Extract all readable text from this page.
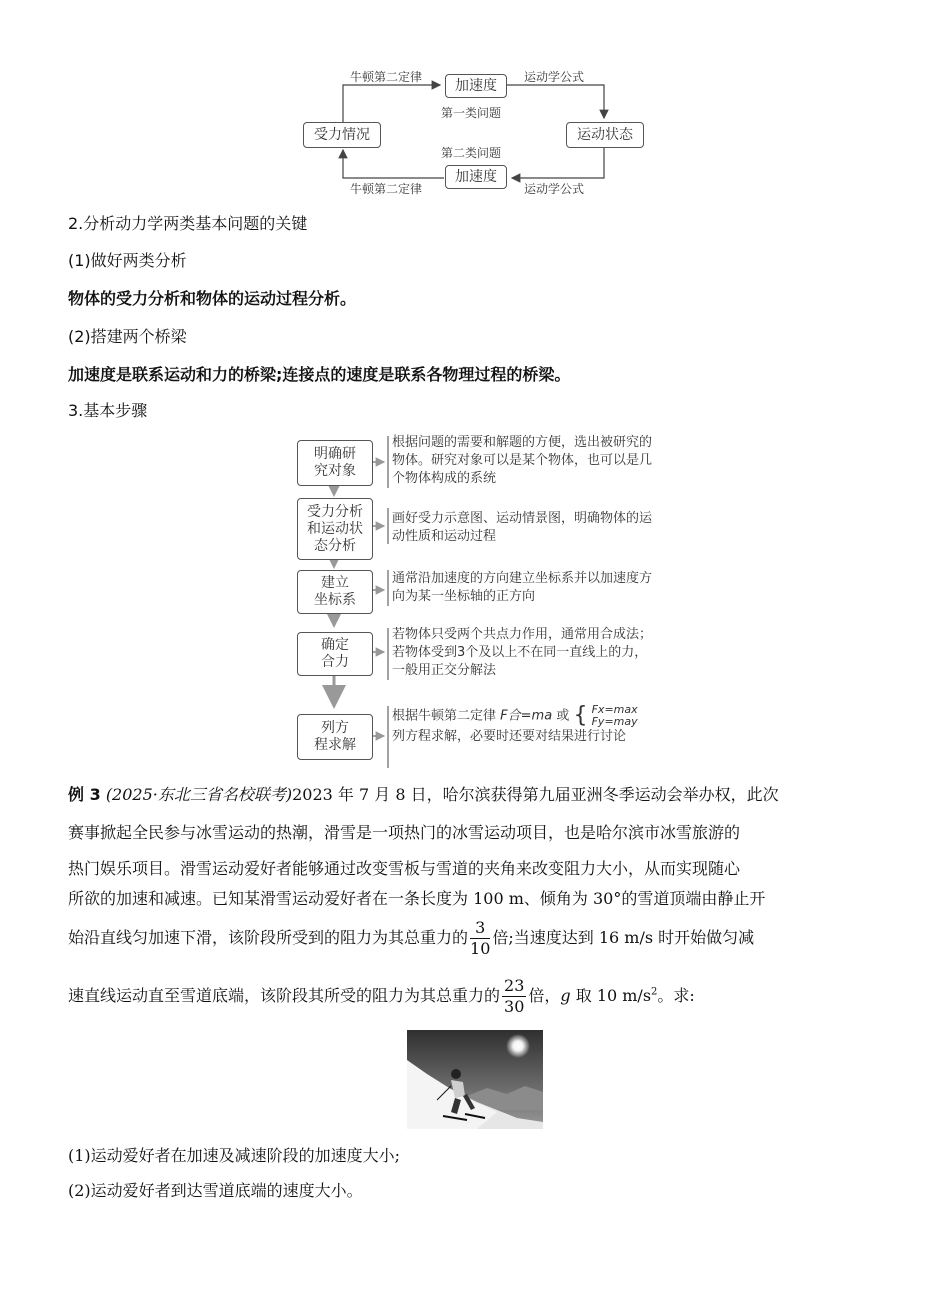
加速度
受力情况	运动状态
加速度
牛顿第二定律	运动学公式
第一类问题
第二类问题
牛顿第二定律	运动学公式
2.分析动力学两类基本问题的关键
(1)做好两类分析
物体的受力分析和物体的运动过程分析。
(2)搭建两个桥梁
加速度是联系运动和力的桥梁;连接点的速度是联系各物理过程的桥梁。
3.基本步骤
明确研
究对象
根据问题的需要和解题的方便，选出被研究的物体。研究对象可以是某个物体，也可以是几个物体构成的系统
受力分析
和运动状
态分析
画好受力示意图、运动情景图，明确物体的运动性质和运动过程
建立
坐标系
通常沿加速度的方向建立坐标系并以加速度方向为某一坐标轴的正方向
确定
合力
若物体只受两个共点力作用，通常用合成法；若物体受到3个及以上不在同一直线上的力，一般用正交分解法
列方
程求解
根据牛顿第二定律 F合=ma 或 { Fx=max
Fy=may
列方程求解，必要时还要对结果进行讨论
例 3 (2025·东北三省名校联考)2023 年 7 月 8 日，哈尔滨获得第九届亚洲冬季运动会举办权，此次
赛事掀起全民参与冰雪运动的热潮，滑雪是一项热门的冰雪运动项目，也是哈尔滨市冰雪旅游的
热门娱乐项目。滑雪运动爱好者能够通过改变雪板与雪道的夹角来改变阻力大小，从而实现随心
所欲的加速和减速。已知某滑雪运动爱好者在一条长度为 100 m、倾角为 30°的雪道顶端由静止开
始沿直线匀加速下滑，该阶段所受到的阻力为其总重力的 $\frac{3}{10}$ 倍;当速度达到 16 m/s 时开始做匀减
速直线运动直至雪道底端，该阶段其所受的阻力为其总重力的 $\frac{23}{30}$ 倍，g 取 10 $m/s^2$。求:
(1)运动爱好者在加速及减速阶段的加速度大小;
(2)运动爱好者到达雪道底端的速度大小。
